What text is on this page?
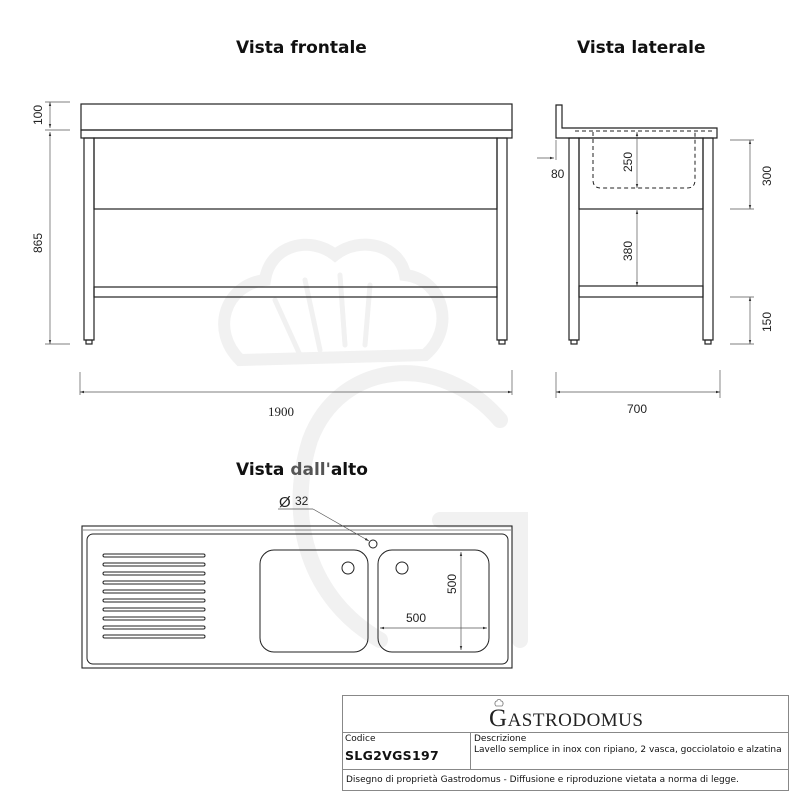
100
865
1900
250
80	300
380
150
700
Ø 32
500
500
Vista frontale	Vista laterale
Vista dall'alto
GASTRODOMUS
Codice
SLG2VGS197
Descrizione
Lavello semplice in inox con ripiano, 2 vasca, gocciolatoio e alzatina
Disegno di proprietà Gastrodomus - Diffusione e riproduzione vietata a norma di legge.
